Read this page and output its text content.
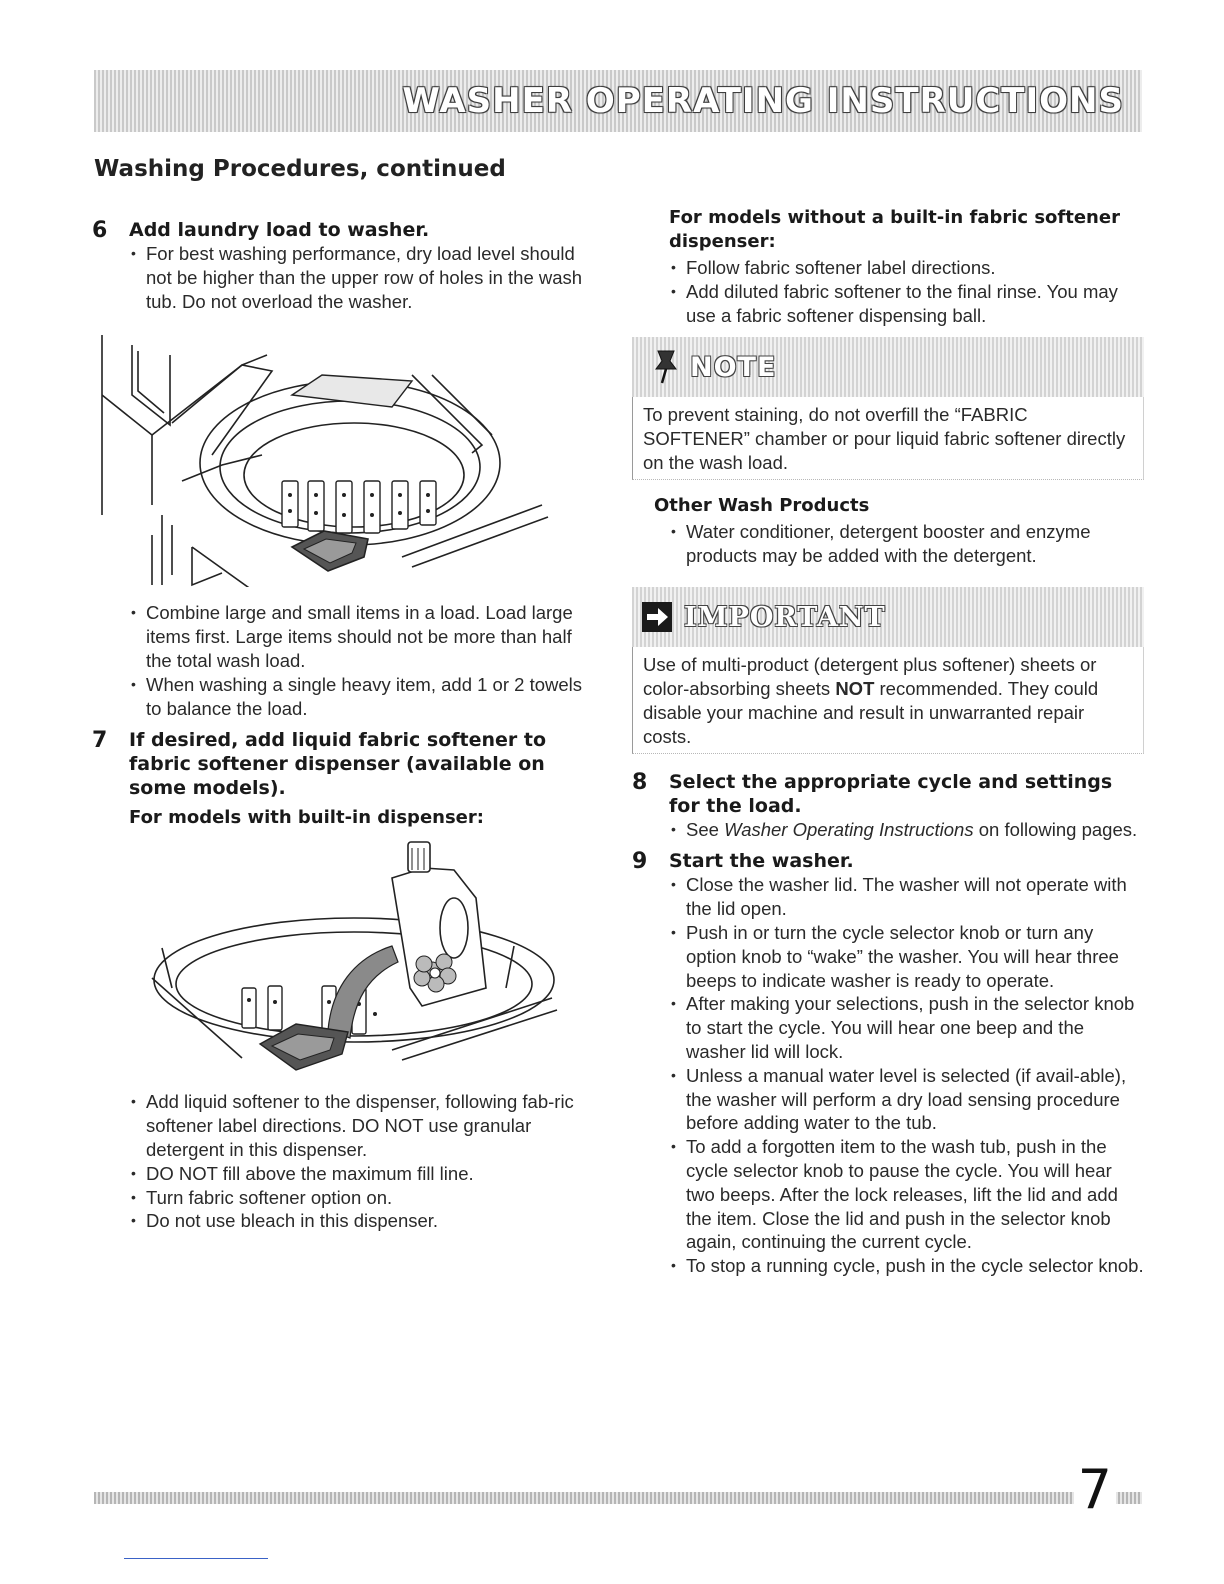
WASHER OPERATING INSTRUCTIONS
Washing Procedures, continued
6	Add laundry load to washer.

• For best washing performance, dry load level should not be higher than the upper row of holes in the wash tub. Do not overload the washer.
• Combine large and small items in a load. Load large items first. Large items should not be more than half the total wash load.
• When washing a single heavy item, add 1 or 2 towels to balance the load.
7	If desired, add liquid fabric softener to fabric softener dispenser (available on some models).

For models with built-in dispenser:

• Add liquid softener to the dispenser, following fab-ric softener label directions. DO NOT use granular detergent in this dispenser.
• DO NOT fill above the maximum fill line.
• Turn fabric softener option on.
• Do not use bleach in this dispenser.

For models without a built-in fabric softener dispenser:

• Follow fabric softener label directions.
• Add diluted fabric softener to the final rinse. You may use a fabric softener dispensing ball.
NOTE
To prevent staining, do not overfill the “FABRIC SOFTENER” chamber or pour liquid fabric softener directly on the wash load.

Other Wash Products

• Water conditioner, detergent booster and enzyme products may be added with the detergent.
IMPORTANT
Use of multi-product (detergent plus softener) sheets or color-absorbing sheets NOT recommended. They could disable your machine and result in unwarranted repair costs.
8	Select the appropriate cycle and settings for the load.

• See Washer Operating Instructions on following pages.
9	Start the washer.

• Close the washer lid. The washer will not operate with the lid open.
• Push in or turn the cycle selector knob or turn any option knob to “wake” the washer. You will hear three beeps to indicate washer is ready to operate.
• After making your selections, push in the selector knob to start the cycle. You will hear one beep and the washer lid will lock.
• Unless a manual water level is selected (if avail-able), the washer will perform a dry load sensing procedure before adding water to the tub.
• To add a forgotten item to the wash tub, push in the cycle selector knob to pause the cycle. You will hear two beeps. After the lock releases, lift the lid and add the item. Close the lid and push in the selector knob again, continuing the current cycle.
• To stop a running cycle, push in the cycle selector knob.
7
